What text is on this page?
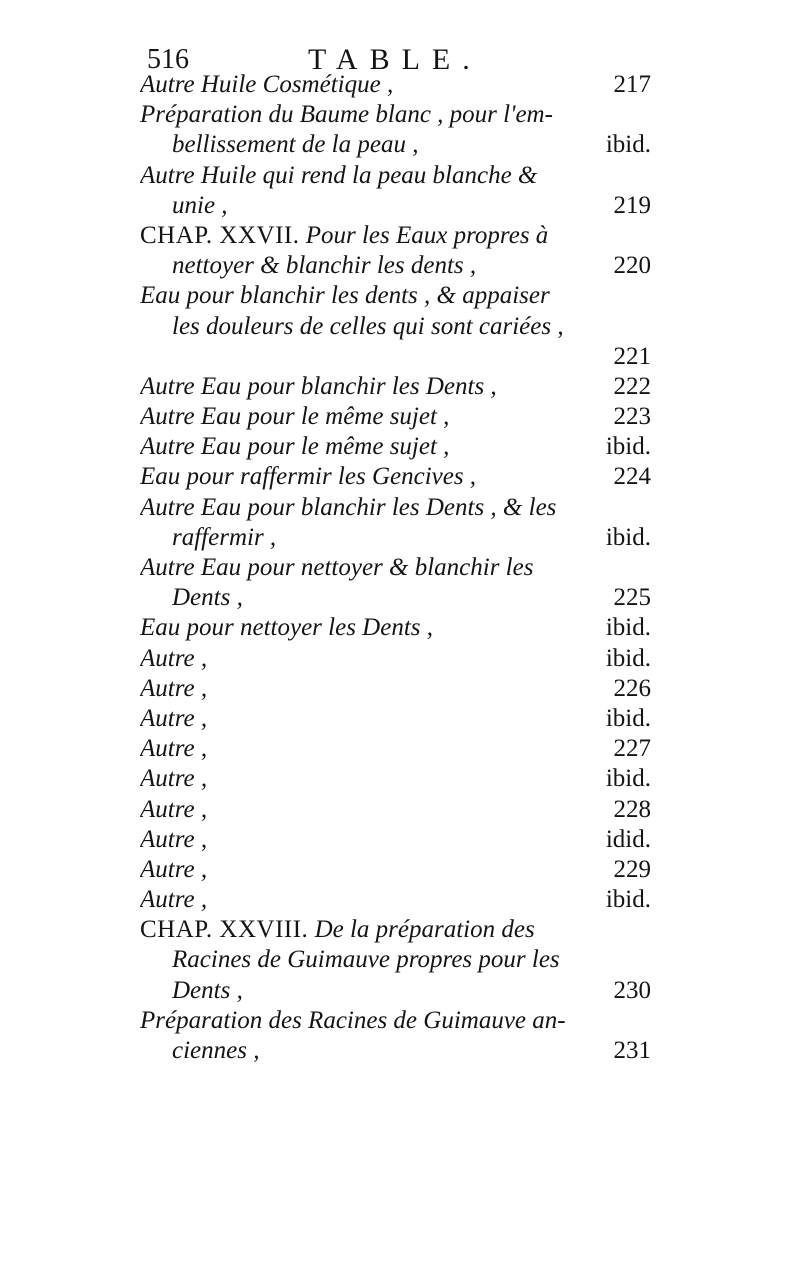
516	TABLE.
Autre Huile Cosmétique ,	217
Préparation du Baume blanc , pour l'em-
bellissement de la peau ,	ibid.
Autre Huile qui rend la peau blanche &
unie ,	219
CHAP. XXVII. Pour les Eaux propres à
nettoyer & blanchir les dents ,	220
Eau pour blanchir les dents , & appaiser
les douleurs de celles qui sont cariées ,
221
Autre Eau pour blanchir les Dents ,	222
Autre Eau pour le même sujet ,	223
Autre Eau pour le même sujet ,	ibid.
Eau pour raffermir les Gencives ,	224
Autre Eau pour blanchir les Dents , & les
raffermir ,	ibid.
Autre Eau pour nettoyer & blanchir les
Dents ,	225
Eau pour nettoyer les Dents ,	ibid.
Autre ,	ibid.
Autre ,	226
Autre ,	ibid.
Autre ,	227
Autre ,	ibid.
Autre ,	228
Autre ,	idid.
Autre ,	229
Autre ,	ibid.
CHAP. XXVIII. De la préparation des
Racines de Guimauve propres pour les
Dents ,	230
Préparation des Racines de Guimauve an-
ciennes ,	231
